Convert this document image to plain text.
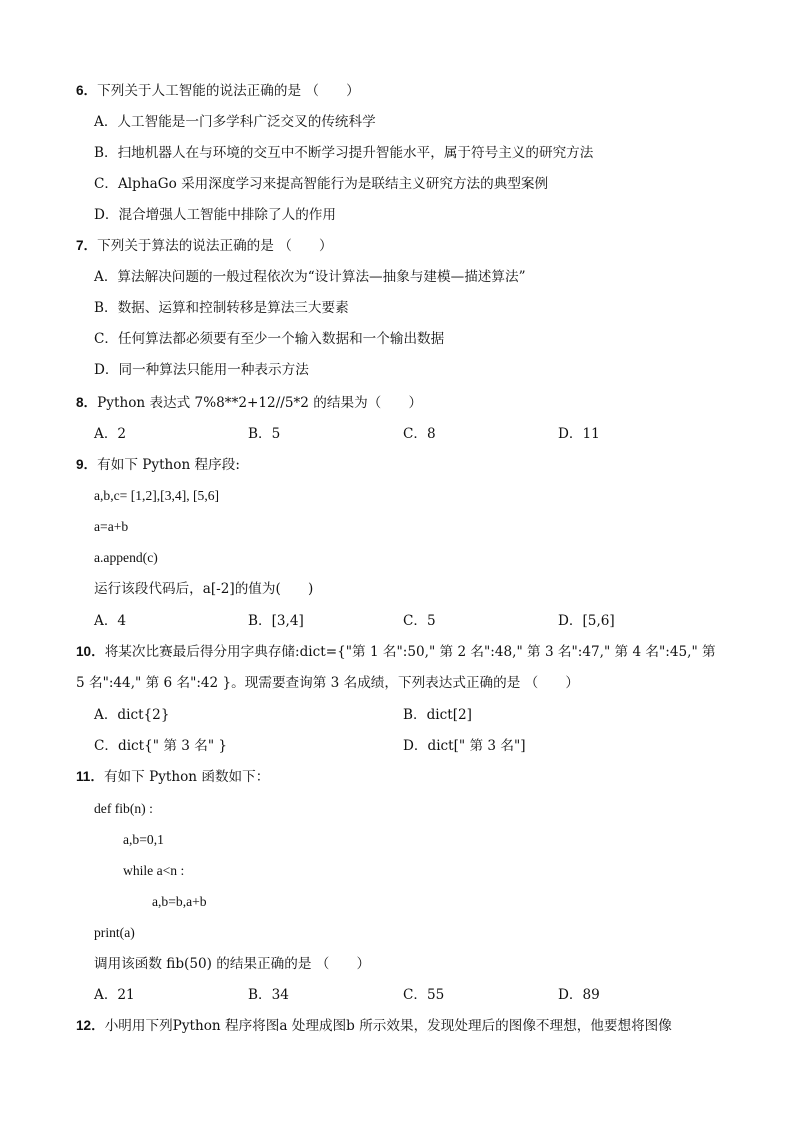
6．下列关于人工智能的说法正确的是 （　　）
A．人工智能是一门多学科广泛交叉的传统科学
B．扫地机器人在与环境的交互中不断学习提升智能水平，属于符号主义的研究方法
C．AlphaGo 采用深度学习来提高智能行为是联结主义研究方法的典型案例
D．混合增强人工智能中排除了人的作用
7．下列关于算法的说法正确的是 （　　）
A．算法解决问题的一般过程依次为“设计算法—抽象与建模—描述算法”
B．数据、运算和控制转移是算法三大要素
C．任何算法都必须要有至少一个输入数据和一个输出数据
D．同一种算法只能用一种表示方法
8．Python 表达式 7%8**2+12//5*2 的结果为（　　）
A．2	B．5	C．8	D．11
9．有如下 Python 程序段:
a,b,c= [1,2],[3,4], [5,6]
a=a+b
a.append(c)
运行该段代码后，a[-2]的值为(　　)
A．4	B．[3,4]	C．5	D．[5,6]
10．将某次比赛最后得分用字典存储:dict={"第 1 名":50," 第 2 名":48," 第 3 名":47," 第 4 名":45," 第
5 名":44," 第 6 名":42 }。现需要查询第 3 名成绩，下列表达式正确的是 （　　）
A．dict{2}	B．dict[2]
C．dict{" 第 3 名" }	D．dict[" 第 3 名"]
11．有如下 Python 函数如下：
def fib(n) :
a,b=0,1
while a<n :
a,b=b,a+b
print(a)
调用该函数 fib(50) 的结果正确的是 （　　）
A．21	B．34	C．55	D．89
12．小明用下列Python 程序将图a 处理成图b 所示效果，发现处理后的图像不理想，他要想将图像
